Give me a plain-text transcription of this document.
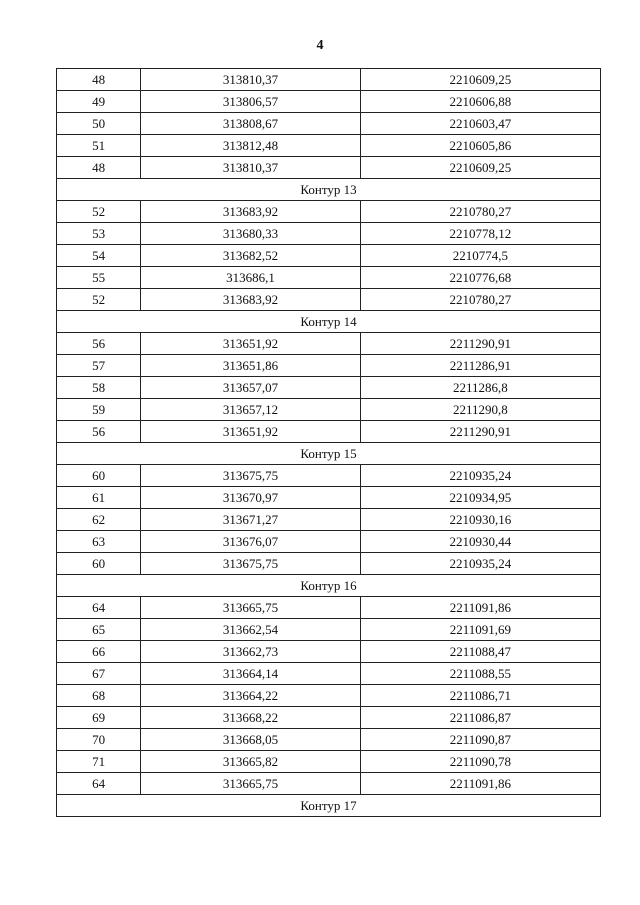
4
48	313810,37	2210609,25
49	313806,57	2210606,88
50	313808,67	2210603,47
51	313812,48	2210605,86
48	313810,37	2210609,25
Контур 13		
52	313683,92	2210780,27
53	313680,33	2210778,12
54	313682,52	2210774,5
55	313686,1	2210776,68
52	313683,92	2210780,27
Контур 14		
56	313651,92	2211290,91
57	313651,86	2211286,91
58	313657,07	2211286,8
59	313657,12	2211290,8
56	313651,92	2211290,91
Контур 15		
60	313675,75	2210935,24
61	313670,97	2210934,95
62	313671,27	2210930,16
63	313676,07	2210930,44
60	313675,75	2210935,24
Контур 16		
64	313665,75	2211091,86
65	313662,54	2211091,69
66	313662,73	2211088,47
67	313664,14	2211088,55
68	313664,22	2211086,71
69	313668,22	2211086,87
70	313668,05	2211090,87
71	313665,82	2211090,78
64	313665,75	2211091,86
Контур 17		
